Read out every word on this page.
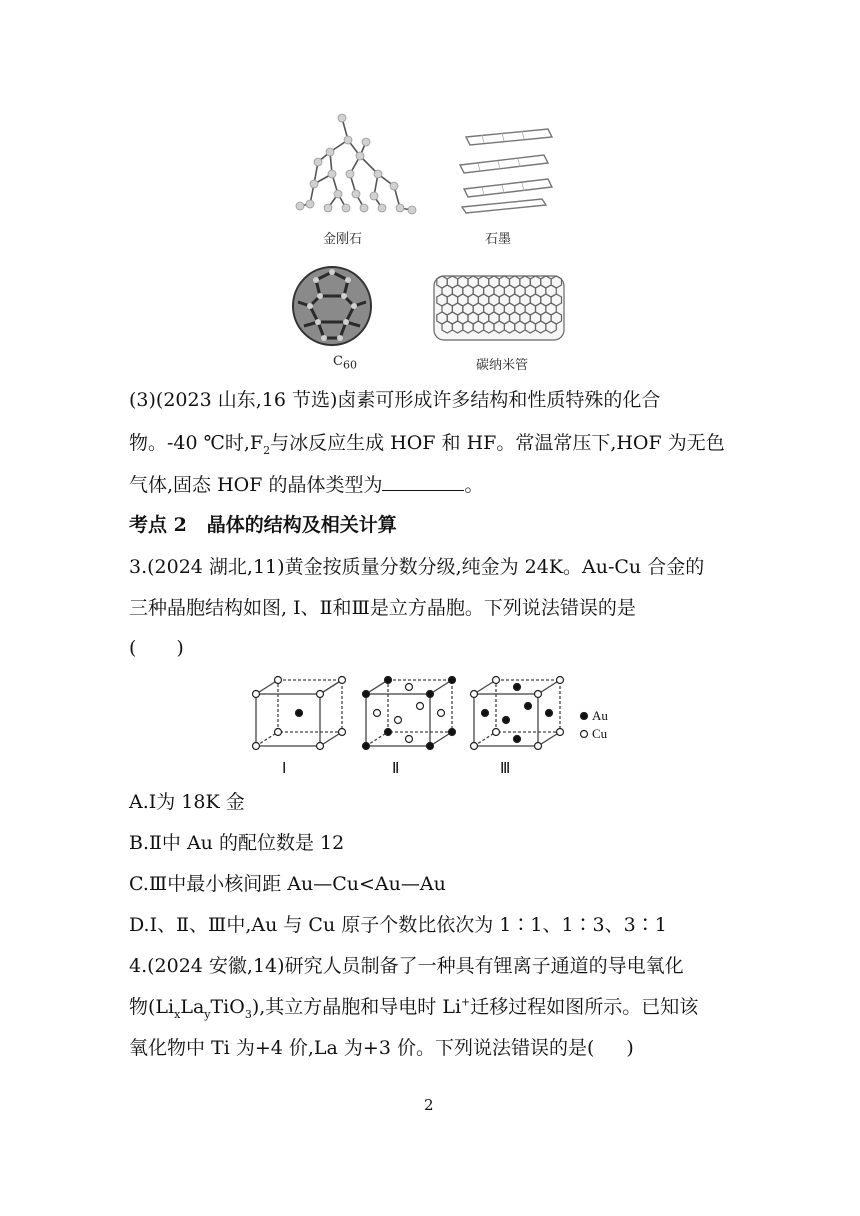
金刚石	石墨
$C_{60}$	碳纳米管
(3)(2023 山东,16 节选)卤素可形成许多结构和性质特殊的化合
物。-40 ℃时$,F_2$与冰反应生成 HOF 和 HF。常温常压下,HOF 为无色
气体,固态 HOF 的晶体类型为	。
考点 2 晶体的结构及相关计算
3.(2024 湖北,11)黄金按质量分数分级,纯金为 24K。Au-Cu 合金的
三种晶胞结构如图, Ⅰ、Ⅱ和Ⅲ是立方晶胞。下列说法错误的是
( )
Au
Cu
Ⅰ	Ⅱ	Ⅲ
A.Ⅰ为 18K 金
B.Ⅱ中 Au 的配位数是 12
C.Ⅲ中最小核间距 Au—Cu<Au—Au
D.Ⅰ、Ⅱ、Ⅲ中,Au 与 Cu 原子个数比依次为 1∶1、1∶3、3∶1
4.(2024 安徽,14)研究人员制备了一种具有锂离子通道的导电氧化
物$(Li_xLa_yTiO_3)$,其立方晶胞和导电时 Li+迁移过程如图所示。已知该
氧化物中 Ti 为+4 价,La 为+3 价。下列说法错误的是( )
2
